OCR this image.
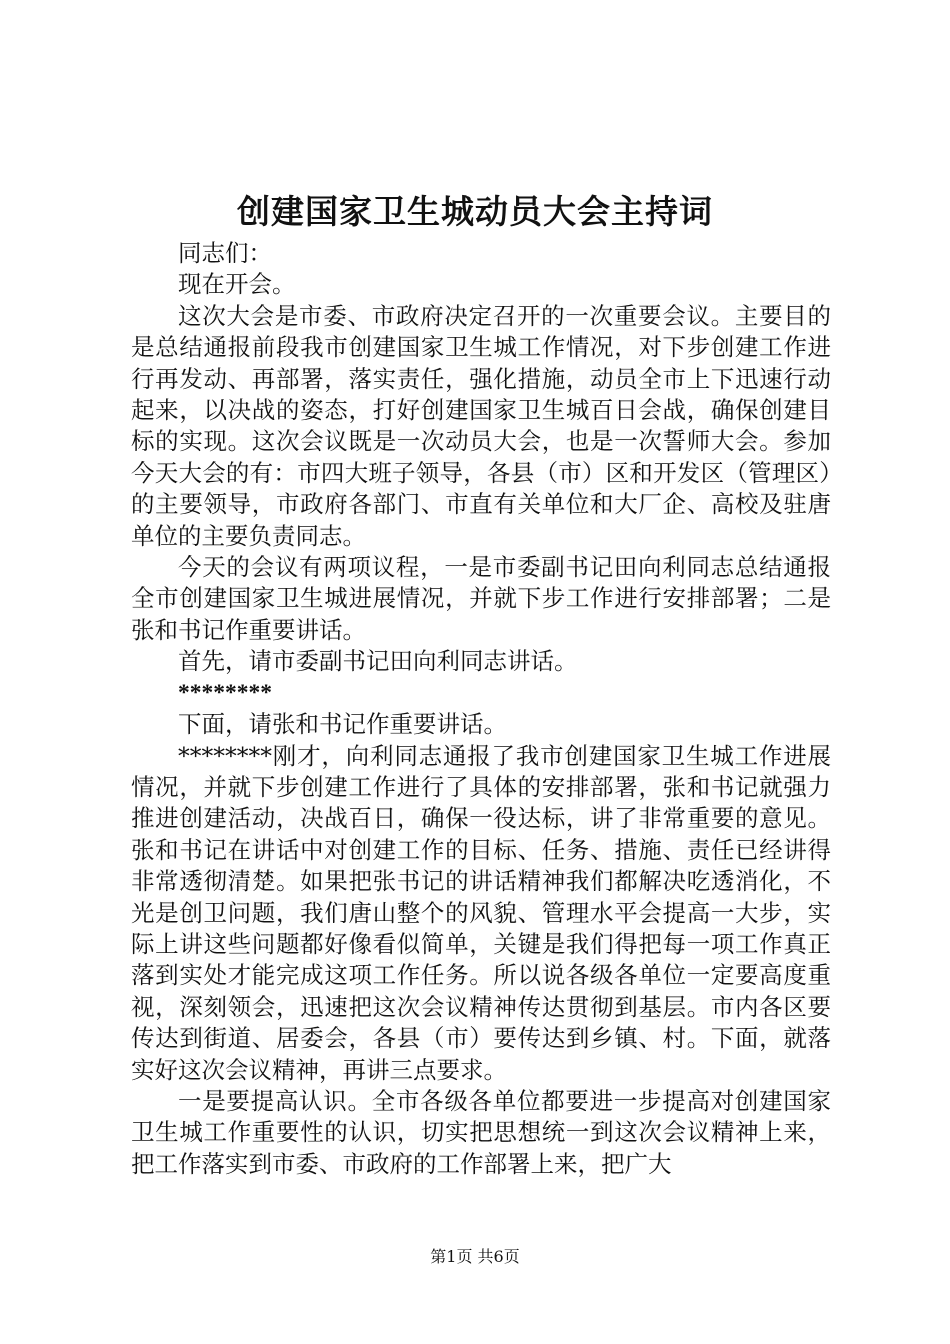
创建国家卫生城动员大会主持词

同志们：

现在开会。

这次大会是市委、市政府决定召开的一次重要会议。主要目的是总结通报前段我市创建国家卫生城工作情况，对下步创建工作进行再发动、再部署，落实责任，强化措施，动员全市上下迅速行动起来，以决战的姿态，打好创建国家卫生城百日会战，确保创建目标的实现。这次会议既是一次动员大会，也是一次誓师大会。参加今天大会的有：市四大班子领导，各县（市）区和开发区（管理区）的主要领导，市政府各部门、市直有关单位和大厂企、高校及驻唐单位的主要负责同志。

今天的会议有两项议程，一是市委副书记田向利同志总结通报全市创建国家卫生城进展情况，并就下步工作进行安排部署；二是张和书记作重要讲话。

首先，请市委副书记田向利同志讲话。

********

下面，请张和书记作重要讲话。

********刚才，向利同志通报了我市创建国家卫生城工作进展情况，并就下步创建工作进行了具体的安排部署，张和书记就强力推进创建活动，决战百日，确保一役达标，讲了非常重要的意见。张和书记在讲话中对创建工作的目标、任务、措施、责任已经讲得非常透彻清楚。如果把张书记的讲话精神我们都解决吃透消化，不光是创卫问题，我们唐山整个的风貌、管理水平会提高一大步，实际上讲这些问题都好像看似简单，关键是我们得把每一项工作真正落到实处才能完成这项工作任务。所以说各级各单位一定要高度重视，深刻领会，迅速把这次会议精神传达贯彻到基层。市内各区要传达到街道、居委会，各县（市）要传达到乡镇、村。下面，就落实好这次会议精神，再讲三点要求。

一是要提高认识。全市各级各单位都要进一步提高对创建国家卫生城工作重要性的认识，切实把思想统一到这次会议精神上来，把工作落实到市委、市政府的工作部署上来，把广大

第1页 共6页
